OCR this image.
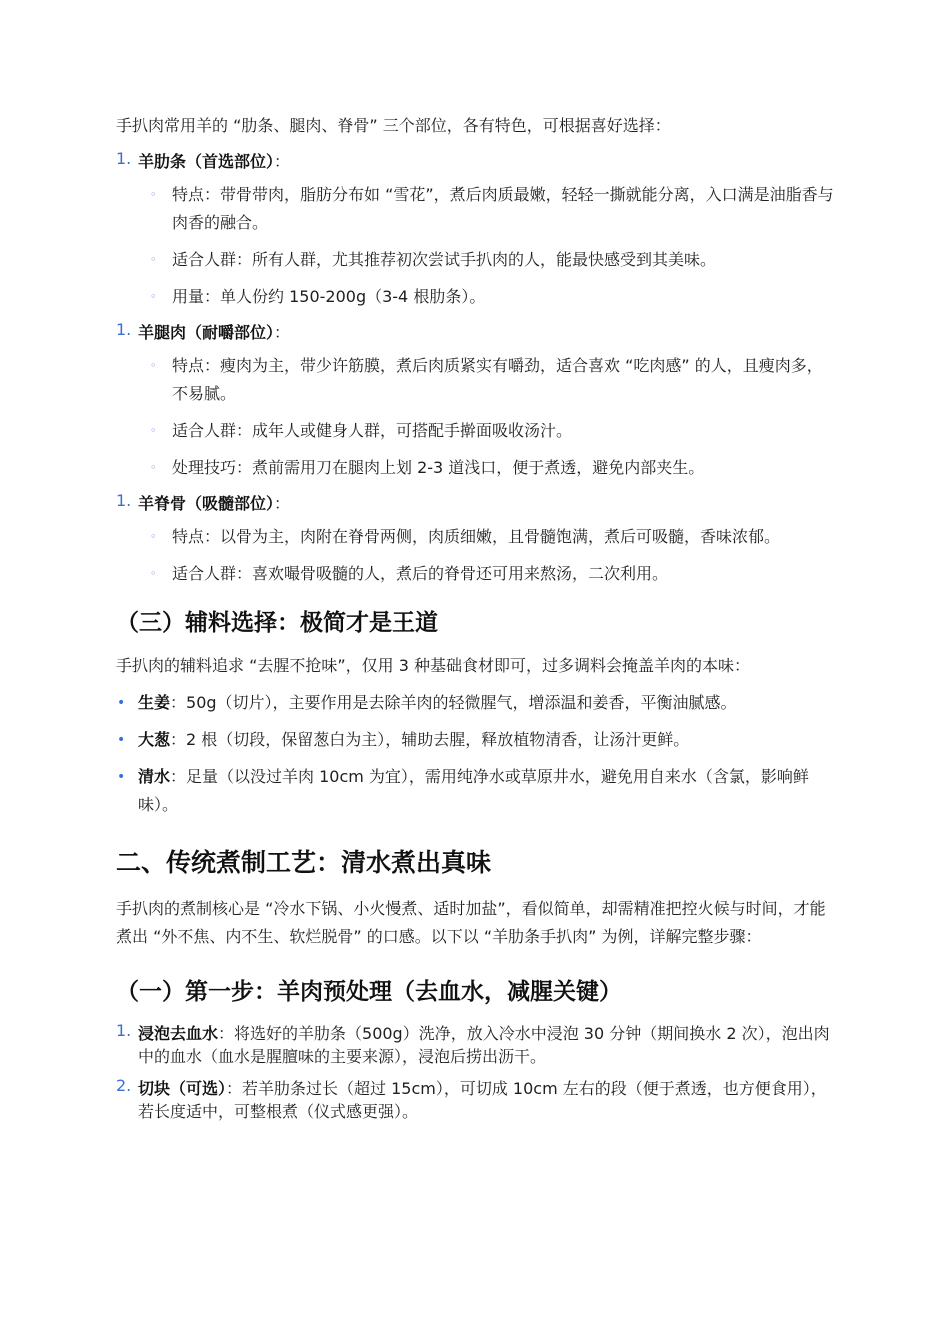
手扒肉常用羊的 “肋条、腿肉、脊骨” 三个部位，各有特色，可根据喜好选择：

1. 羊肋条（首选部位）：
◦ 特点：带骨带肉，脂肪分布如 “雪花”，煮后肉质最嫩，轻轻一撕就能分离，入口满是油脂香与肉香的融合。
◦ 适合人群：所有人群，尤其推荐初次尝试手扒肉的人，能最快感受到其美味。
◦ 用量：单人份约 150-200g（3-4 根肋条）。
1. 羊腿肉（耐嚼部位）：
◦ 特点：瘦肉为主，带少许筋膜，煮后肉质紧实有嚼劲，适合喜欢 “吃肉感” 的人，且瘦肉多，不易腻。
◦ 适合人群：成年人或健身人群，可搭配手擀面吸收汤汁。
◦ 处理技巧：煮前需用刀在腿肉上划 2-3 道浅口，便于煮透，避免内部夹生。
1. 羊脊骨（吸髓部位）：
◦ 特点：以骨为主，肉附在脊骨两侧，肉质细嫩，且骨髓饱满，煮后可吸髓，香味浓郁。
◦ 适合人群：喜欢嘬骨吸髓的人，煮后的脊骨还可用来熬汤，二次利用。
（三）辅料选择：极简才是王道

手扒肉的辅料追求 “去腥不抢味”，仅用 3 种基础食材即可，过多调料会掩盖羊肉的本味：

• 生姜：50g（切片），主要作用是去除羊肉的轻微腥气，增添温和姜香，平衡油腻感。
• 大葱：2 根（切段，保留葱白为主），辅助去腥，释放植物清香，让汤汁更鲜。
• 清水：足量（以没过羊肉 10cm 为宜），需用纯净水或草原井水，避免用自来水（含氯，影响鲜味）。
二、传统煮制工艺：清水煮出真味

手扒肉的煮制核心是 “冷水下锅、小火慢煮、适时加盐”，看似简单，却需精准把控火候与时间，才能煮出 “外不焦、内不生、软烂脱骨” 的口感。以下以 “羊肋条手扒肉” 为例，详解完整步骤：

（一）第一步：羊肉预处理（去血水，减腥关键）
1. 浸泡去血水：将选好的羊肋条（500g）洗净，放入冷水中浸泡 30 分钟（期间换水 2 次），泡出肉中的血水（血水是腥膻味的主要来源），浸泡后捞出沥干。
2. 切块（可选）：若羊肋条过长（超过 15cm），可切成 10cm 左右的段（便于煮透，也方便食用），若长度适中，可整根煮（仪式感更强）。
